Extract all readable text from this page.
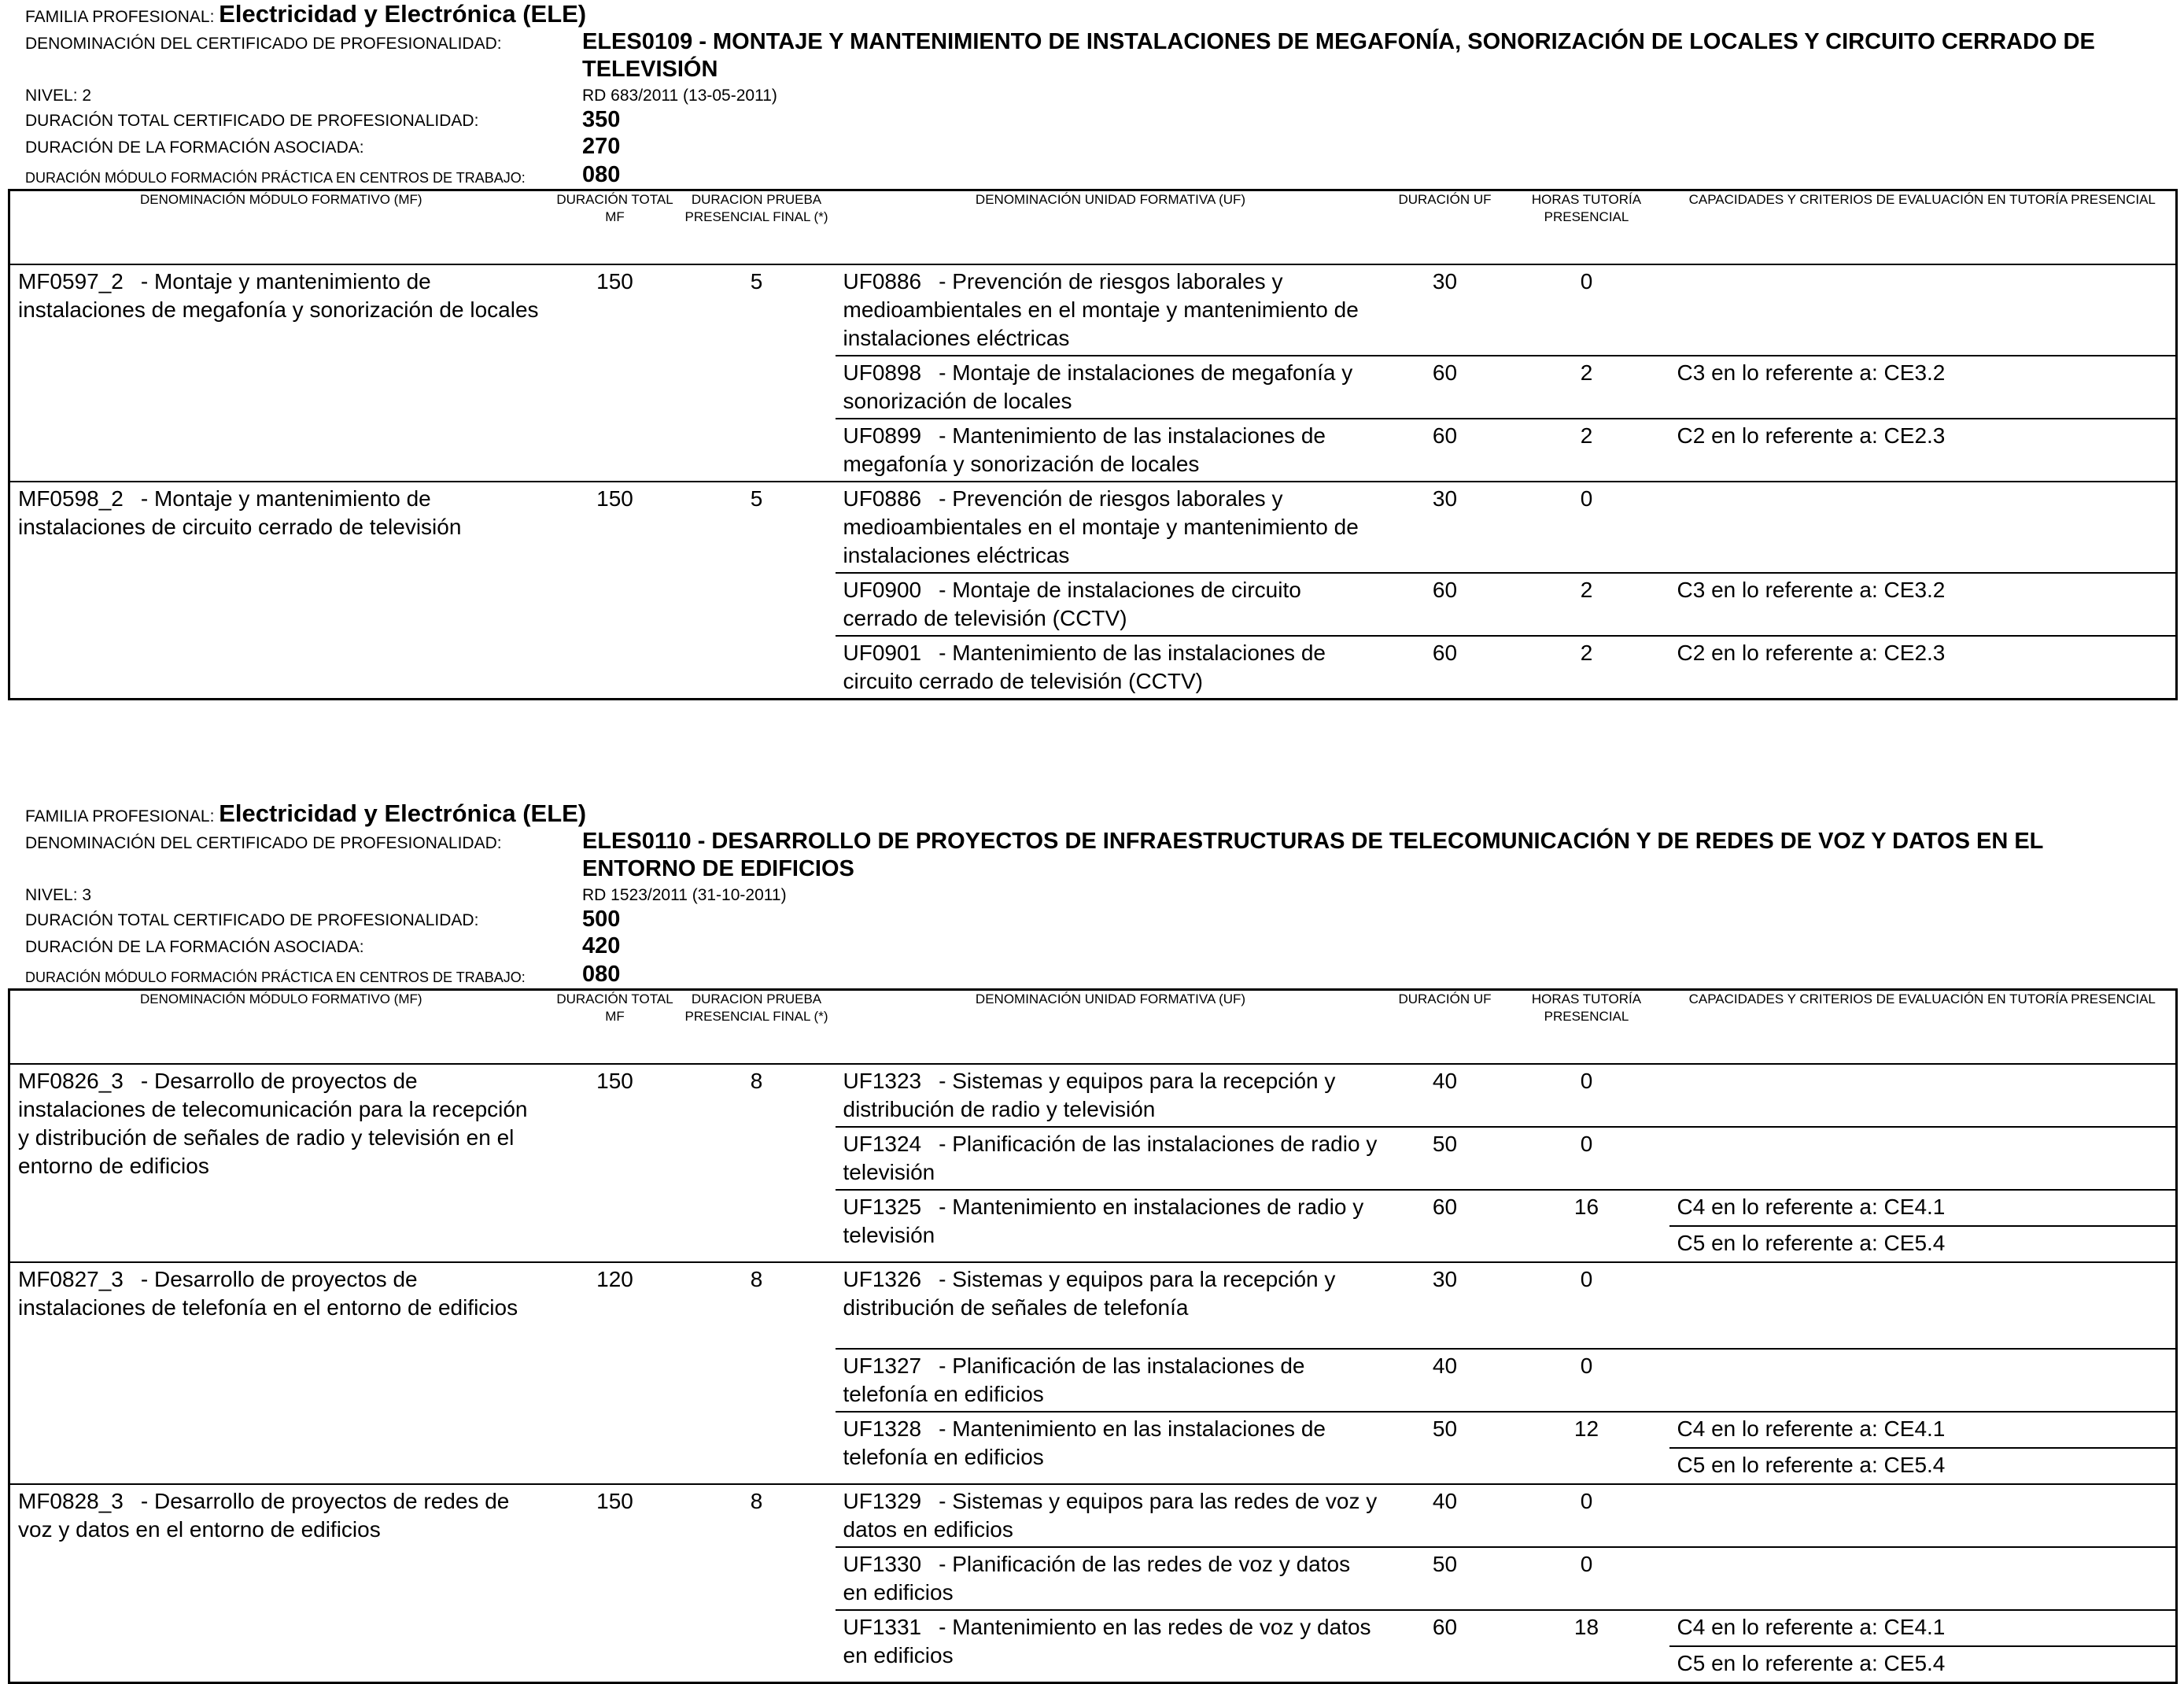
FAMILIA PROFESIONAL: Electricidad y Electrónica (ELE)
DENOMINACIÓN DEL CERTIFICADO DE PROFESIONALIDAD:	ELES0109 - MONTAJE Y MANTENIMIENTO DE INSTALACIONES DE MEGAFONÍA, SONORIZACIÓN DE LOCALES Y CIRCUITO CERRADO DE TELEVISIÓN
NIVEL: 2	RD 683/2011 (13-05-2011)
DURACIÓN TOTAL CERTIFICADO DE PROFESIONALIDAD:	350
DURACIÓN DE LA FORMACIÓN ASOCIADA:	270
DURACIÓN MÓDULO FORMACIÓN PRÁCTICA EN CENTROS DE TRABAJO: 080
DENOMINACIÓN MÓDULO FORMATIVO (MF)	DURACIÓN TOTAL MF	DURACION PRUEBA PRESENCIAL FINAL (*)	DENOMINACIÓN UNIDAD FORMATIVA (UF)	DURACIÓN UF	HORAS TUTORÍA PRESENCIAL	CAPACIDADES Y CRITERIOS DE EVALUACIÓN EN TUTORÍA PRESENCIAL
MF0597_2 - Montaje y mantenimiento de instalaciones de megafonía y sonorización de locales	150	5	UF0886 - Prevención de riesgos laborales y medioambientales en el montaje y mantenimiento de instalaciones eléctricas	30	0	
			UF0898 - Montaje de instalaciones de megafonía y sonorización de locales	60	2	C3 en lo referente a: CE3.2
			UF0899 - Mantenimiento de las instalaciones de megafonía y sonorización de locales	60	2	C2 en lo referente a: CE2.3
MF0598_2 - Montaje y mantenimiento de instalaciones de circuito cerrado de televisión	150	5	UF0886 - Prevención de riesgos laborales y medioambientales en el montaje y mantenimiento de instalaciones eléctricas	30	0	
			UF0900 - Montaje de instalaciones de circuito cerrado de televisión (CCTV)	60	2	C3 en lo referente a: CE3.2
			UF0901 - Mantenimiento de las instalaciones de circuito cerrado de televisión (CCTV)	60	2	C2 en lo referente a: CE2.3
FAMILIA PROFESIONAL: Electricidad y Electrónica (ELE)
DENOMINACIÓN DEL CERTIFICADO DE PROFESIONALIDAD:	ELES0110 - DESARROLLO DE PROYECTOS DE INFRAESTRUCTURAS DE TELECOMUNICACIÓN Y DE REDES DE VOZ Y DATOS EN EL ENTORNO DE EDIFICIOS
NIVEL: 3	RD 1523/2011 (31-10-2011)
DURACIÓN TOTAL CERTIFICADO DE PROFESIONALIDAD:	500
DURACIÓN DE LA FORMACIÓN ASOCIADA:	420
DURACIÓN MÓDULO FORMACIÓN PRÁCTICA EN CENTROS DE TRABAJO: 080
DENOMINACIÓN MÓDULO FORMATIVO (MF)	DURACIÓN TOTAL MF	DURACION PRUEBA PRESENCIAL FINAL (*)	DENOMINACIÓN UNIDAD FORMATIVA (UF)	DURACIÓN UF	HORAS TUTORÍA PRESENCIAL	CAPACIDADES Y CRITERIOS DE EVALUACIÓN EN TUTORÍA PRESENCIAL
MF0826_3 - Desarrollo de proyectos de instalaciones de telecomunicación para la recepción y distribución de señales de radio y televisión en el entorno de edificios	150	8	UF1323 - Sistemas y equipos para la recepción y distribución de radio y televisión	40	0	
			UF1324 - Planificación de las instalaciones de radio y televisión	50	0	
			UF1325 - Mantenimiento en instalaciones de radio y televisión	60	16	C4 en lo referente a: CE4.1
						C5 en lo referente a: CE5.4
MF0827_3 - Desarrollo de proyectos de instalaciones de telefonía en el entorno de edificios	120	8	UF1326 - Sistemas y equipos para la recepción y distribución de señales de telefonía	30	0	
			UF1327 - Planificación de las instalaciones de telefonía en edificios	40	0	
			UF1328 - Mantenimiento en las instalaciones de telefonía en edificios	50	12	C4 en lo referente a: CE4.1
						C5 en lo referente a: CE5.4
MF0828_3 - Desarrollo de proyectos de redes de voz y datos en el entorno de edificios	150	8	UF1329 - Sistemas y equipos para las redes de voz y datos en edificios	40	0	
			UF1330 - Planificación de las redes de voz y datos en edificios	50	0	
			UF1331 - Mantenimiento en las redes de voz y datos en edificios	60	18	C4 en lo referente a: CE4.1
						C5 en lo referente a: CE5.4
